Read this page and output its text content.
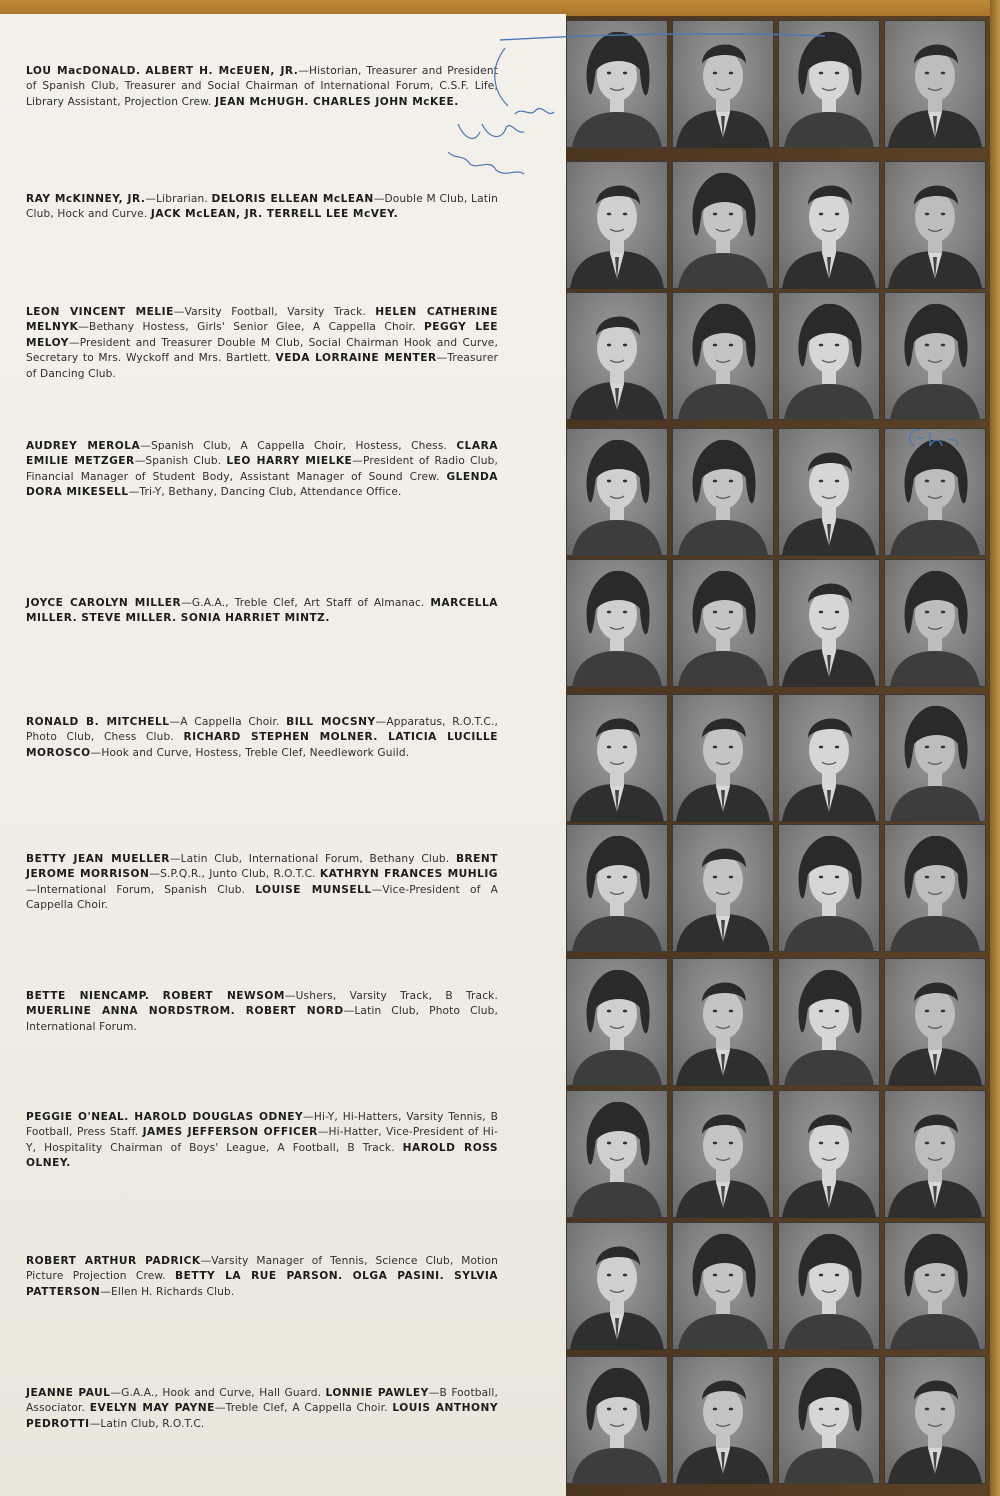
LOU MacDONALD. ALBERT H. McEUEN, JR.—Historian, Treasurer and President of Spanish Club, Treasurer and Social Chairman of International Forum, C.S.F. Life, Library Assistant, Projection Crew. JEAN McHUGH. CHARLES JOHN McKEE.
RAY McKINNEY, JR.—Librarian. DELORIS ELLEAN McLEAN—Double M Club, Latin Club, Hock and Curve. JACK McLEAN, JR. TERRELL LEE McVEY.
LEON VINCENT MELIE—Varsity Football, Varsity Track. HELEN CATHERINE MELNYK—Bethany Hostess, Girls' Senior Glee, A Cappella Choir. PEGGY LEE MELOY—President and Treasurer Double M Club, Social Chairman Hook and Curve, Secretary to Mrs. Wyckoff and Mrs. Bartlett. VEDA LORRAINE MENTER—Treasurer of Dancing Club.
AUDREY MEROLA—Spanish Club, A Cappella Choir, Hostess, Chess. CLARA EMILIE METZGER—Spanish Club. LEO HARRY MIELKE—President of Radio Club, Financial Manager of Student Body, Assistant Manager of Sound Crew. GLENDA DORA MIKESELL—Tri-Y, Bethany, Dancing Club, Attendance Office.
JOYCE CAROLYN MILLER—G.A.A., Treble Clef, Art Staff of Almanac. MARCELLA MILLER. STEVE MILLER. SONIA HARRIET MINTZ.
RONALD B. MITCHELL—A Cappella Choir. BILL MOCSNY—Apparatus, R.O.T.C., Photo Club, Chess Club. RICHARD STEPHEN MOLNER. LATICIA LUCILLE MOROSCO—Hook and Curve, Hostess, Treble Clef, Needlework Guild.
BETTY JEAN MUELLER—Latin Club, International Forum, Bethany Club. BRENT JEROME MORRISON—S.P.Q.R., Junto Club, R.O.T.C. KATHRYN FRANCES MUHLIG—International Forum, Spanish Club. LOUISE MUNSELL—Vice-President of A Cappella Choir.
BETTE NIENCAMP. ROBERT NEWSOM—Ushers, Varsity Track, B Track. MUERLINE ANNA NORDSTROM. ROBERT NORD—Latin Club, Photo Club, International Forum.
PEGGIE O'NEAL. HAROLD DOUGLAS ODNEY—Hi-Y, Hi-Hatters, Varsity Tennis, B Football, Press Staff. JAMES JEFFERSON OFFICER—Hi-Hatter, Vice-President of Hi-Y, Hospitality Chairman of Boys' League, A Football, B Track. HAROLD ROSS OLNEY.
ROBERT ARTHUR PADRICK—Varsity Manager of Tennis, Science Club, Motion Picture Projection Crew. BETTY LA RUE PARSON. OLGA PASINI. SYLVIA PATTERSON—Ellen H. Richards Club.
JEANNE PAUL—G.A.A., Hook and Curve, Hall Guard. LONNIE PAWLEY—B Football, Associator. EVELYN MAY PAYNE—Treble Clef, A Cappella Choir. LOUIS ANTHONY PEDROTTI—Latin Club, R.O.T.C.
